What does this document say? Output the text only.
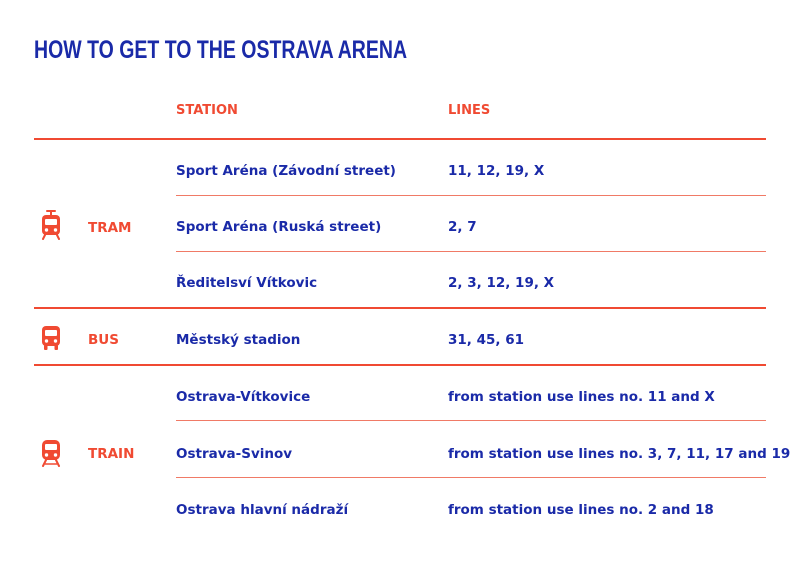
HOW TO GET TO THE OSTRAVA ARENA
STATION	LINES
TRAM
Sport Aréna (Závodní street)	11, 12, 19, X
Sport Aréna (Ruská street)	2, 7
Ředitelsví Vítkovic	2, 3, 12, 19, X
BUS	Městský stadion	31, 45, 61
TRAIN
Ostrava-Vítkovice	from station use lines no. 11 and X
Ostrava-Svinov	from station use lines no. 3, 7, 11, 17 and 19
Ostrava hlavní nádraží	from station use lines no. 2 and 18
